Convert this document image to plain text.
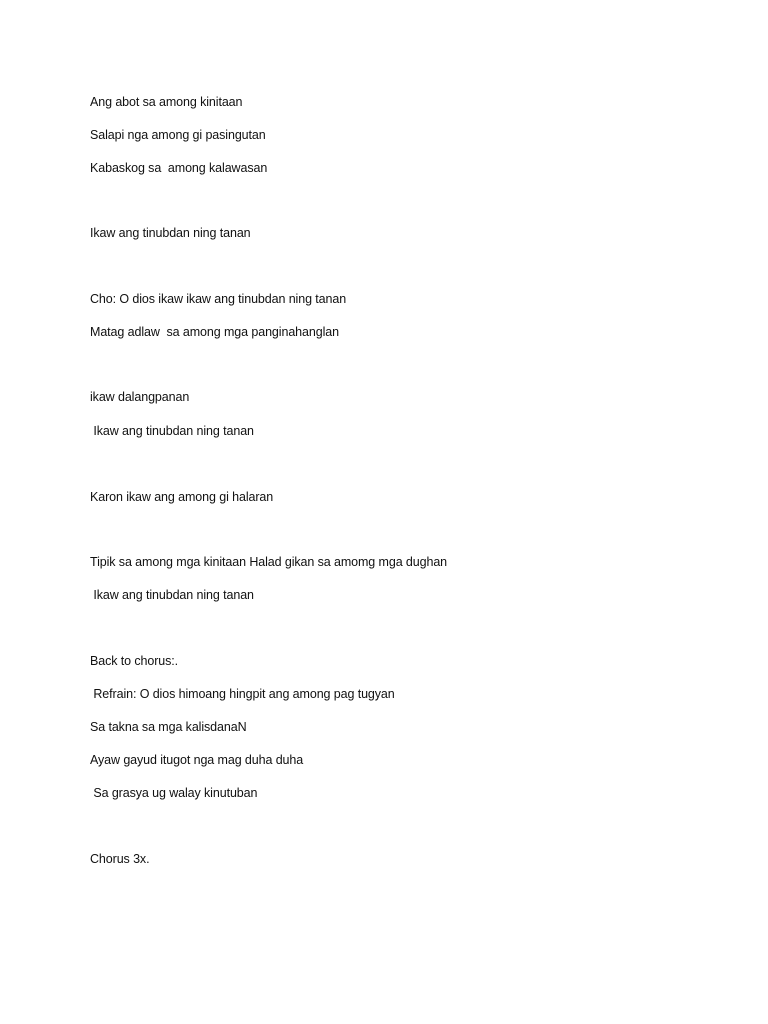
Ang abot sa among kinitaan
Salapi nga among gi pasingutan
Kabaskog sa  among kalawasan
Ikaw ang tinubdan ning tanan
Cho: O dios ikaw ikaw ang tinubdan ning tanan
Matag adlaw  sa among mga panginahanglan
ikaw dalangpanan
Ikaw ang tinubdan ning tanan
Karon ikaw ang among gi halaran
Tipik sa among mga kinitaan Halad gikan sa amomg mga dughan
Ikaw ang tinubdan ning tanan
Back to chorus:.
Refrain: O dios himoang hingpit ang among pag tugyan
Sa takna sa mga kalisdanaN
Ayaw gayud itugot nga mag duha duha
Sa grasya ug walay kinutuban
Chorus 3x.
